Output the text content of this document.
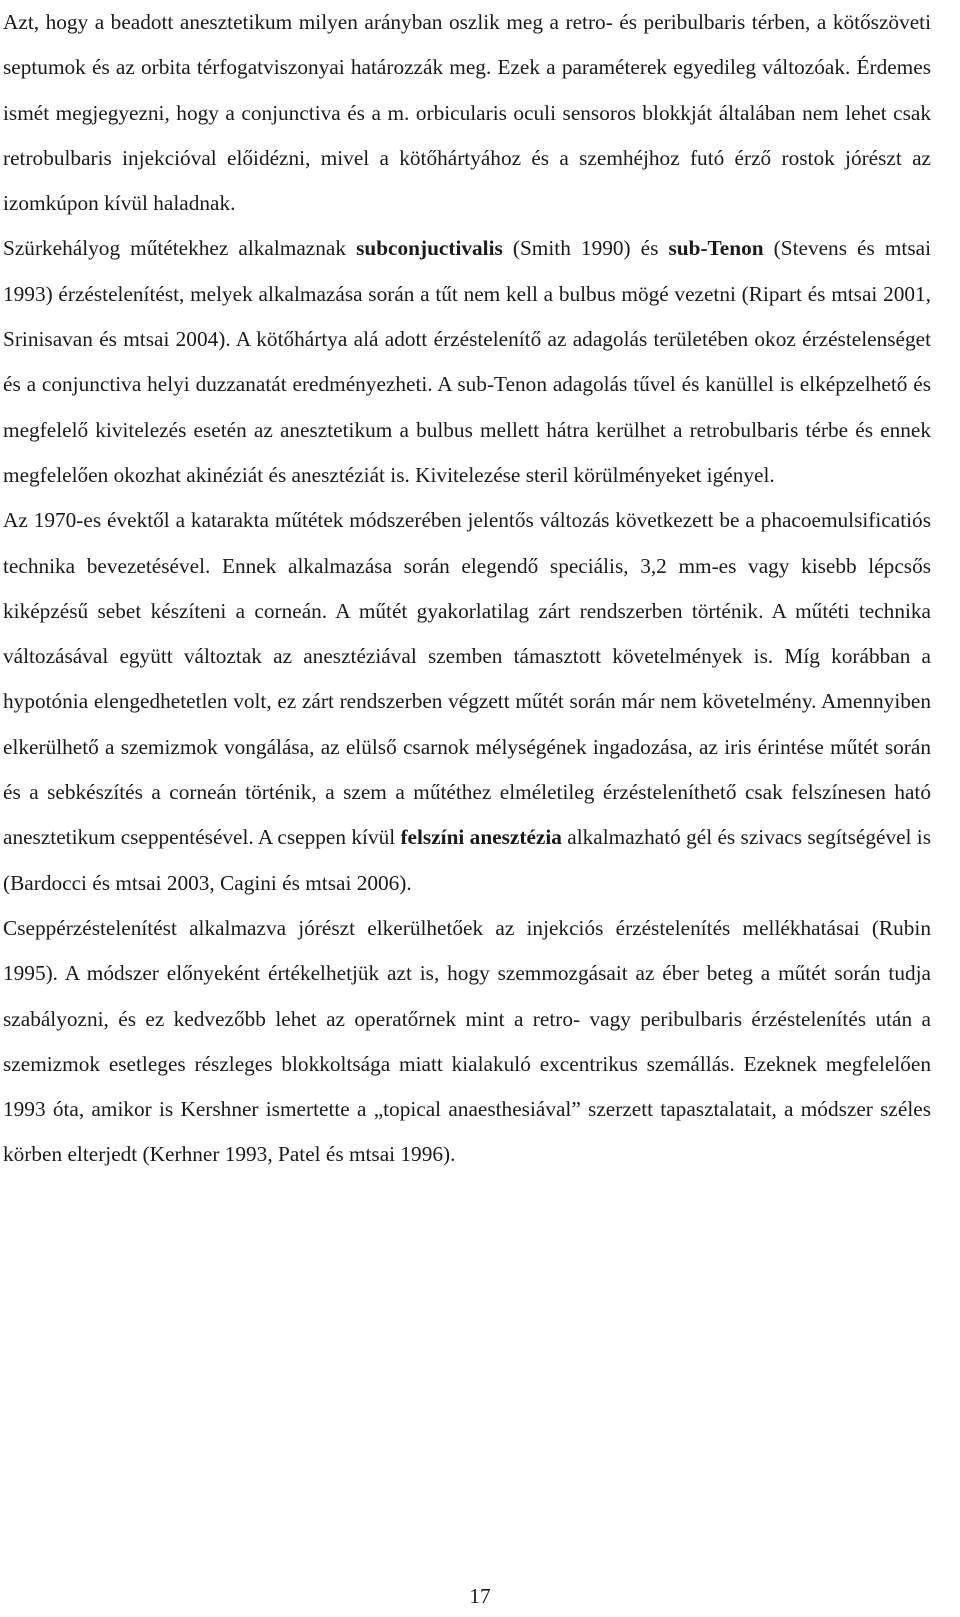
Azt, hogy a beadott anesztetikum milyen arányban oszlik meg a retro- és peribulbaris térben, a kötőszöveti septumok és az orbita térfogatviszonyai határozzák meg. Ezek a paraméterek egyedileg változóak. Érdemes ismét megjegyezni, hogy a conjunctiva és a m. orbicularis oculi sensoros blokkját általában nem lehet csak retrobulbaris injekcióval előidézni, mivel a kötőhártyához és a szemhéjhoz futó érző rostok jórészt az izomkúpon kívül haladnak.

Szürkehályog műtétekhez alkalmaznak subconjuctivalis (Smith 1990) és sub-Tenon (Stevens és mtsai 1993) érzéstelenítést, melyek alkalmazása során a tűt nem kell a bulbus mögé vezetni (Ripart és mtsai 2001, Srinisavan és mtsai 2004). A kötőhártya alá adott érzéstelenítő az adagolás területében okoz érzéstelenséget és a conjunctiva helyi duzzanatát eredményezheti. A sub-Tenon adagolás tűvel és kanüllel is elképzelhető és megfelelő kivitelezés esetén az anesztetikum a bulbus mellett hátra kerülhet a retrobulbaris térbe és ennek megfelelően okozhat akinéziát és anesztéziát is. Kivitelezése steril körülményeket igényel.

Az 1970-es évektől a katarakta műtétek módszerében jelentős változás következett be a phacoemulsificatiós technika bevezetésével. Ennek alkalmazása során elegendő speciális, 3,2 mm-es vagy kisebb lépcsős kiképzésű sebet készíteni a corneán. A műtét gyakorlatilag zárt rendszerben történik. A műtéti technika változásával együtt változtak az anesztéziával szemben támasztott követelmények is. Míg korábban a hypotónia elengedhetetlen volt, ez zárt rendszerben végzett műtét során már nem követelmény. Amennyiben elkerülhető a szemizmok vongálása, az elülső csarnok mélységének ingadozása, az iris érintése műtét során és a sebkészítés a corneán történik, a szem a műtéthez elméletileg érzésteleníthető csak felszínesen ható anesztetikum cseppentésével. A cseppen kívül felszíni anesztézia alkalmazható gél és szivacs segítségével is (Bardocci és mtsai 2003, Cagini és mtsai 2006).

Cseppérzéstelenítést alkalmazva jórészt elkerülhetőek az injekciós érzéstelenítés mellékhatásai (Rubin 1995). A módszer előnyeként értékelhetjük azt is, hogy szemmozgásait az éber beteg a műtét során tudja szabályozni, és ez kedvezőbb lehet az operatőrnek mint a retro- vagy peribulbaris érzéstelenítés után a szemizmok esetleges részleges blokkoltsága miatt kialakuló excentrikus szemállás. Ezeknek megfelelően 1993 óta, amikor is Kershner ismertette a „topical anaesthesiával” szerzett tapasztalatait, a módszer széles körben elterjedt (Kerhner 1993, Patel és mtsai 1996).

17
